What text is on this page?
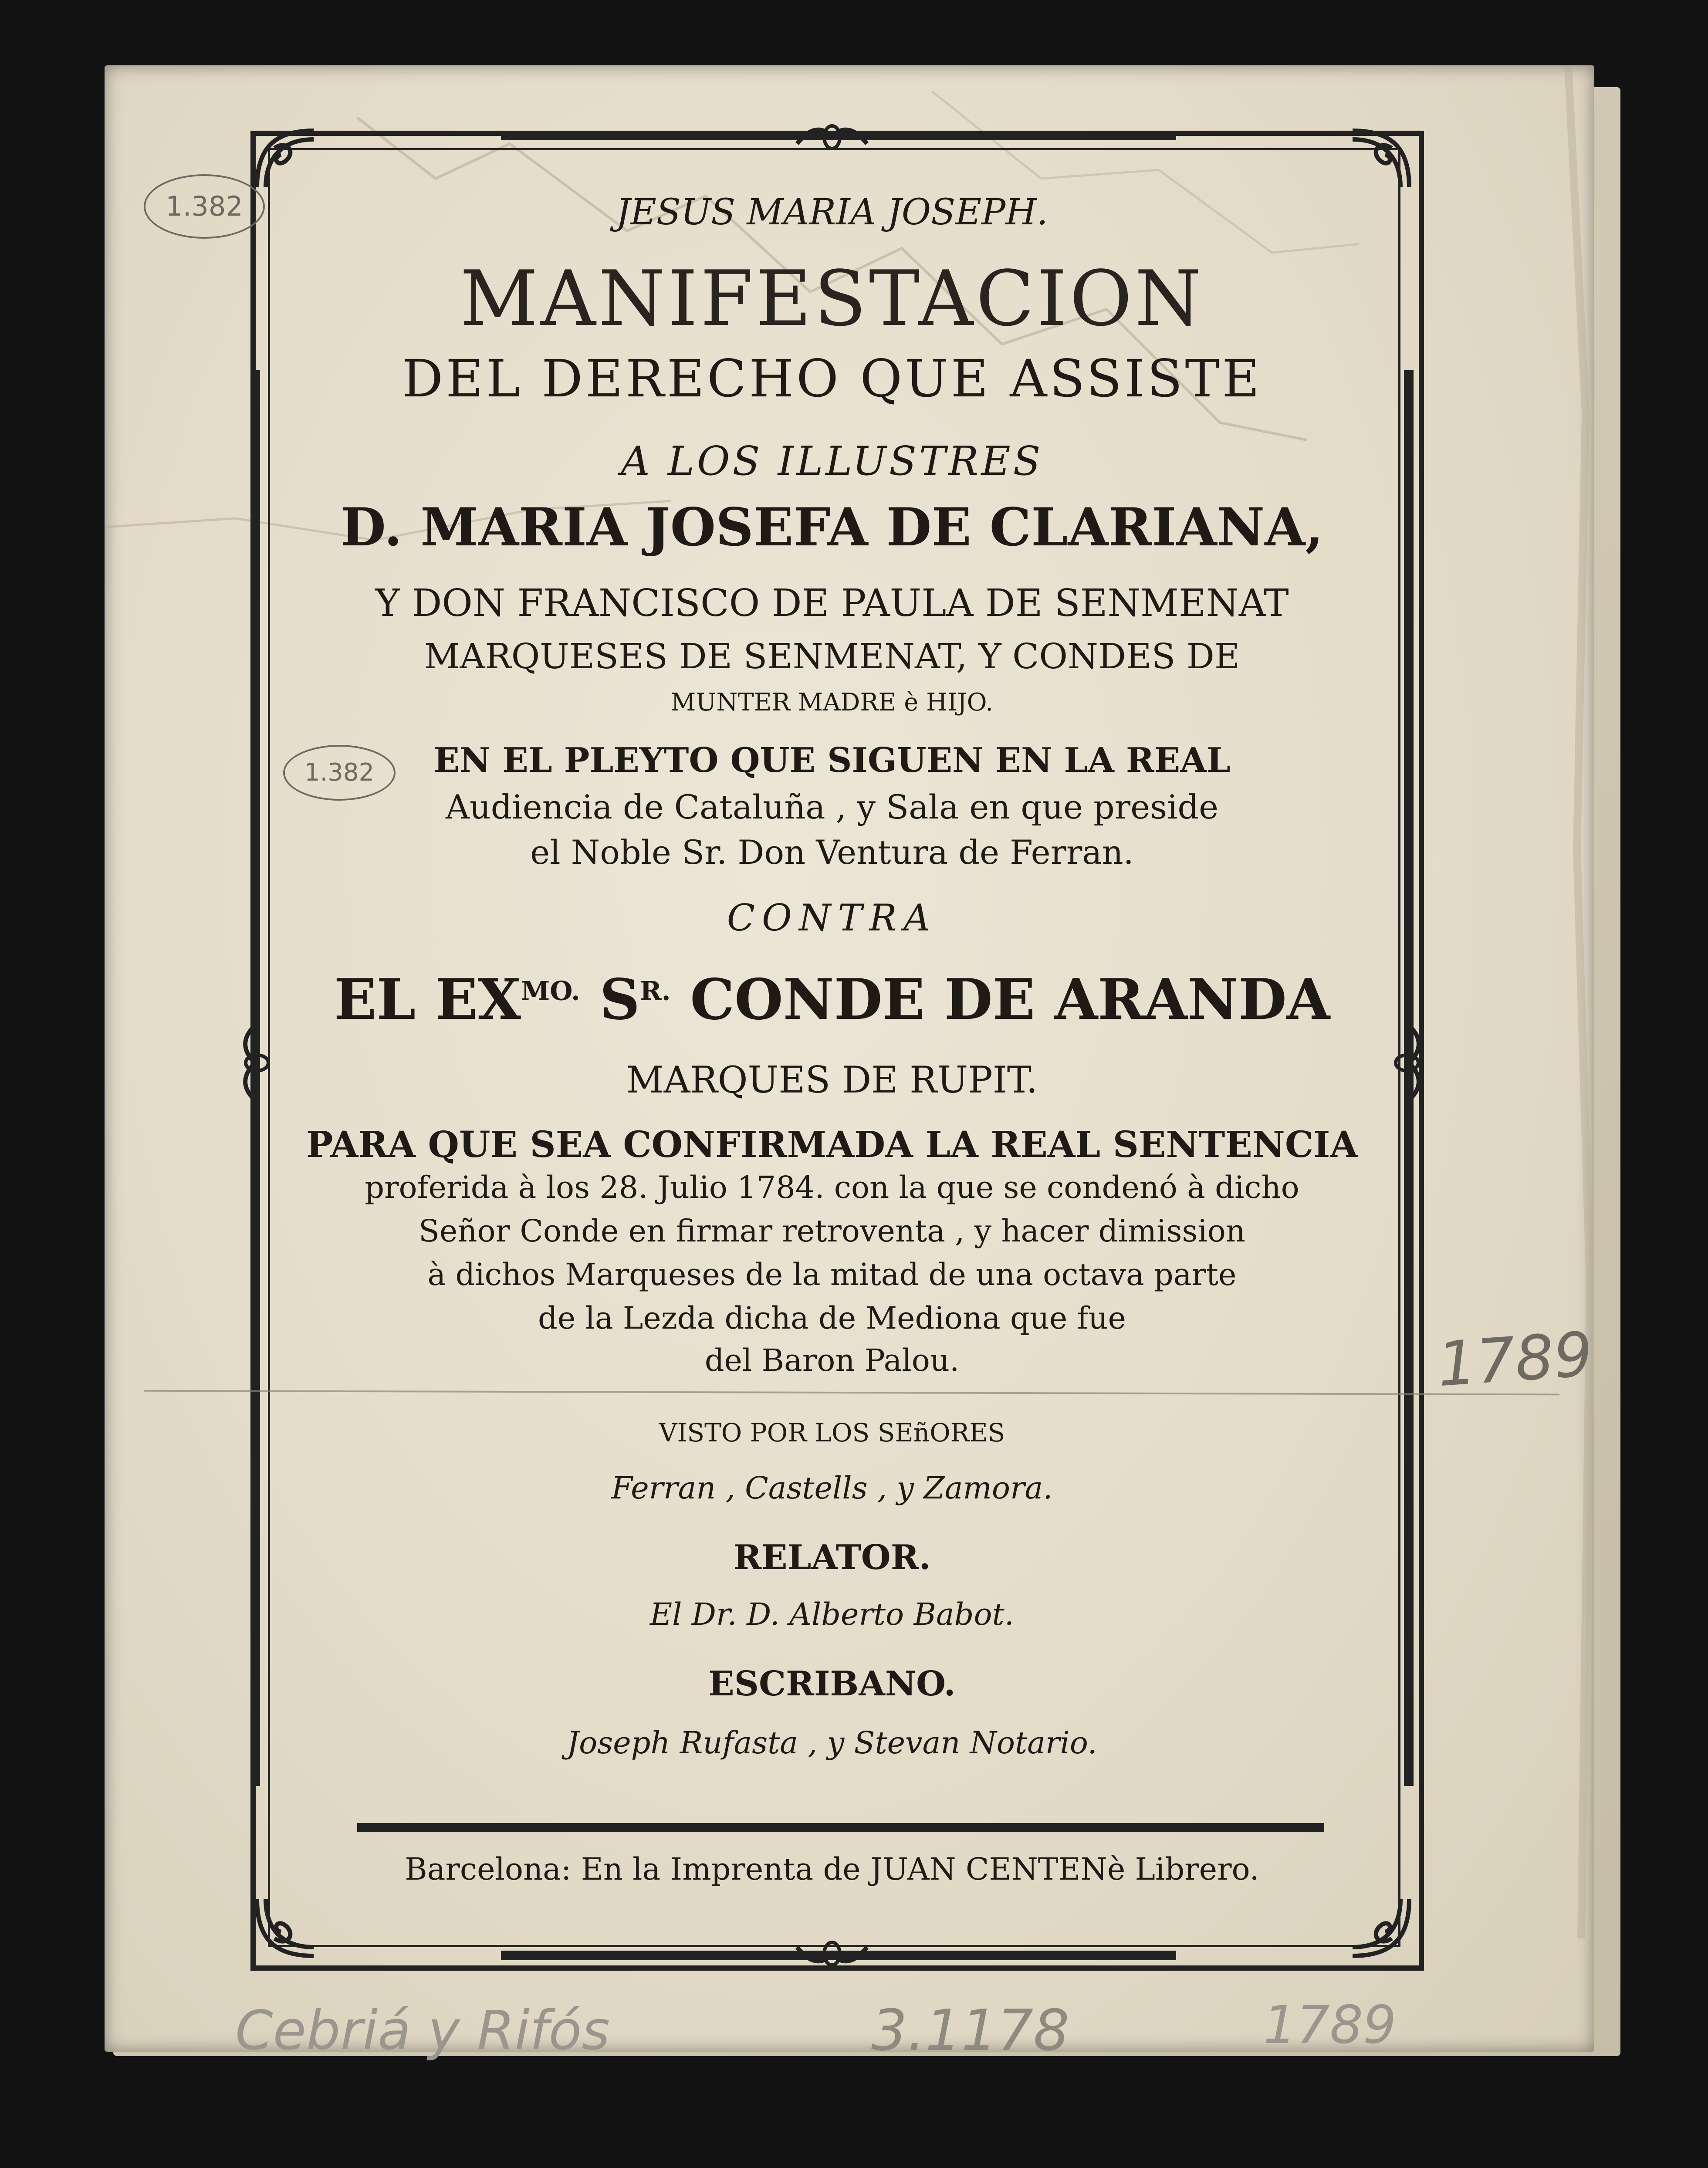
JESUS MARIA JOSEPH.

MANIFESTACION

DEL DERECHO QUE ASSISTE

A LOS ILLUSTRES

D. MARIA JOSEFA DE CLARIANA,

Y DON FRANCISCO DE PAULA DE SENMENAT

MARQUESES DE SENMENAT, Y CONDES DE

MUNTER MADRE è HIJO.

EN EL PLEYTO QUE SIGUEN EN LA REAL

Audiencia de Cataluña , y Sala en que preside

el Noble Sr. Don Ventura de Ferran.

CONTRA

EL $EX^{MO.}$ $S^{R.}$ CONDE DE ARANDA

MARQUES DE RUPIT.

PARA QUE SEA CONFIRMADA LA REAL SENTENCIA

proferida à los 28. Julio 1784. con la que se condenó à dicho

Señor Conde en firmar retroventa , y hacer dimission

à dichos Marqueses de la mitad de una octava parte

de la Lezda dicha de Mediona que fue

del Baron Palou.

VISTO POR LOS SEñORES

Ferran , Castells , y Zamora.

RELATOR.

El Dr. D. Alberto Babot.

ESCRIBANO.

Joseph Rufasta , y Stevan Notario.

Barcelona: En la Imprenta de JUAN CENTENè Librero.

1.382
1.382
1789
Cebriá y Rifós	3.1178	1789
